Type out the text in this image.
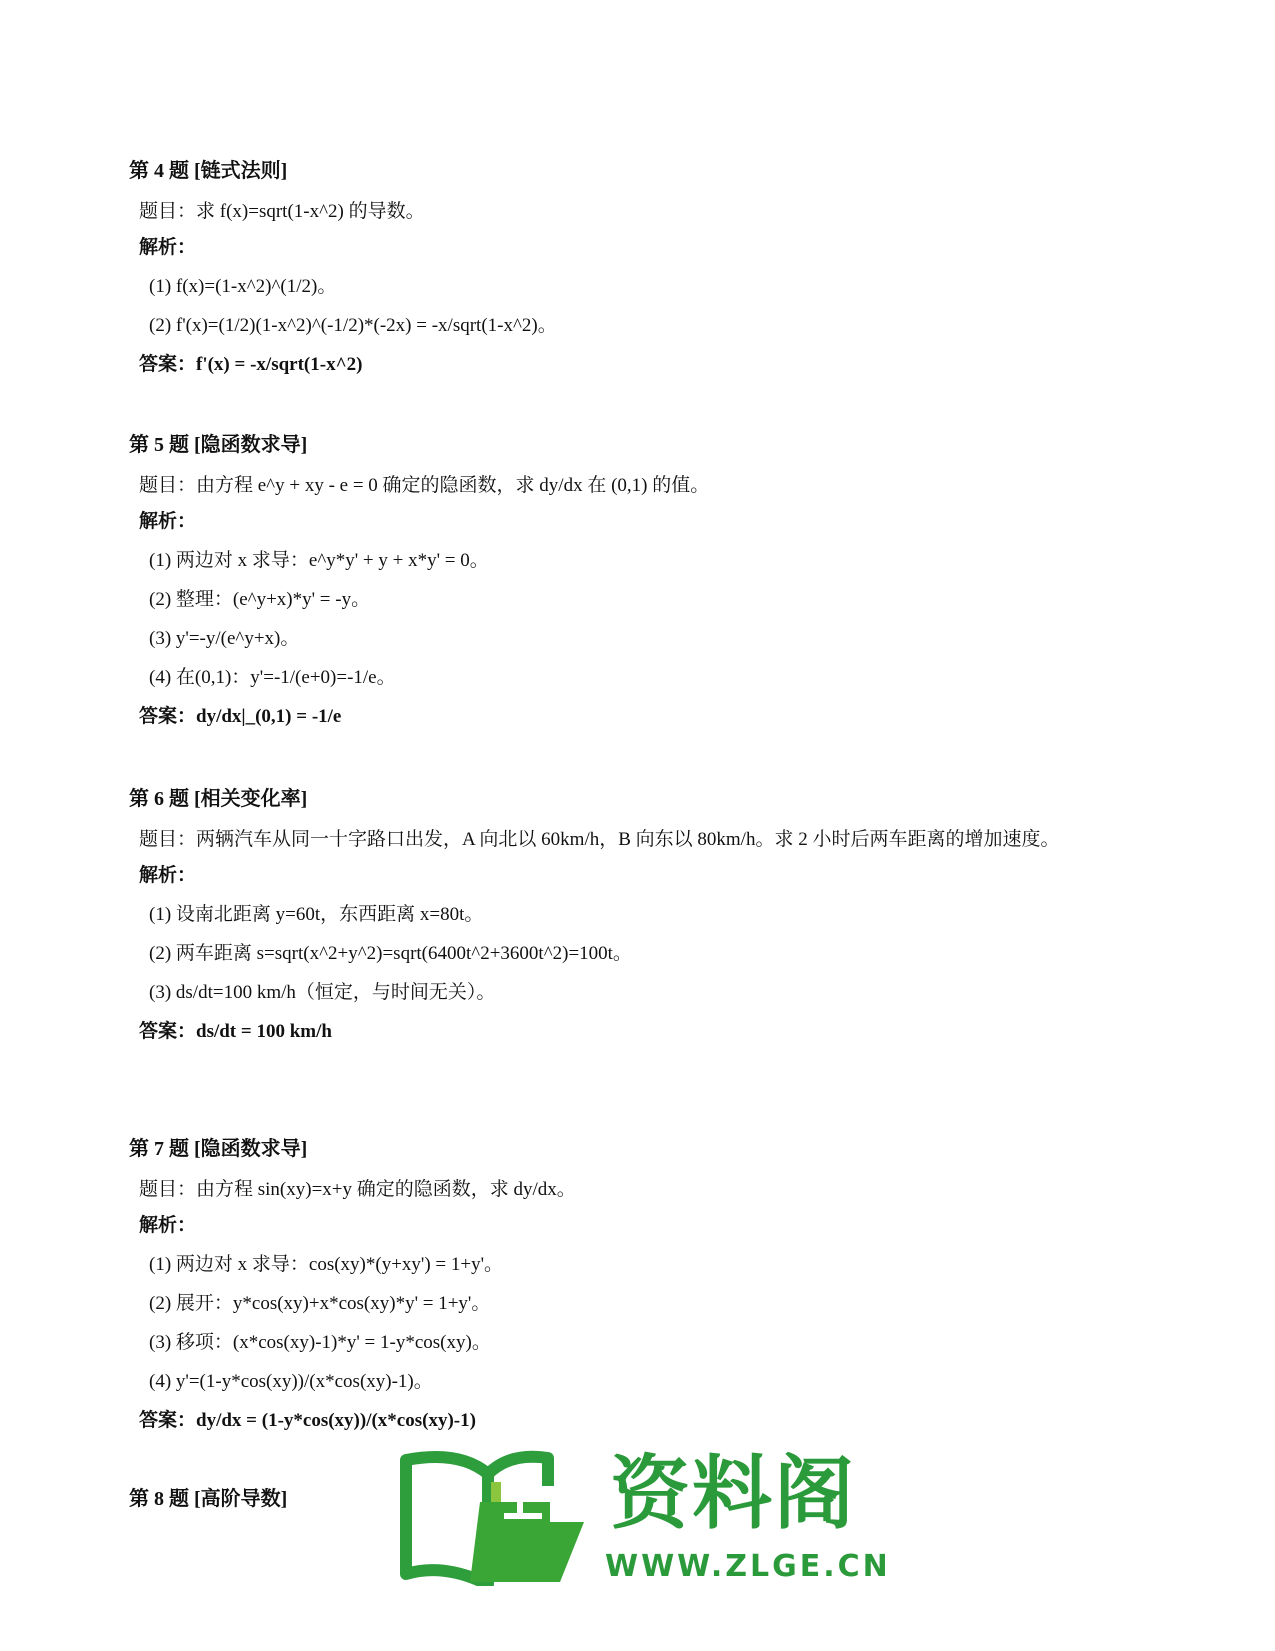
第 4 题 [链式法则]
题目：求 f(x)=sqrt(1-x^2) 的导数。
解析：
(1) f(x)=(1-x^2)^(1/2)。
(2) f'(x)=(1/2)(1-x^2)^(-1/2)*(-2x) = -x/sqrt(1-x^2)。
答案：f'(x) = -x/sqrt(1-x^2)
第 5 题 [隐函数求导]
题目：由方程 e^y + xy - e = 0 确定的隐函数，求 dy/dx 在 (0,1) 的值。
解析：
(1) 两边对 x 求导：e^y*y' + y + x*y' = 0。
(2) 整理：(e^y+x)*y' = -y。
(3) y'=-y/(e^y+x)。
(4) 在(0,1)：y'=-1/(e+0)=-1/e。
答案：dy/dx|_(0,1) = -1/e
第 6 题 [相关变化率]
题目：两辆汽车从同一十字路口出发，A 向北以 60km/h，B 向东以 80km/h。求 2 小时后两车距离的增加速度。
解析：
(1) 设南北距离 y=60t，东西距离 x=80t。
(2) 两车距离 s=sqrt(x^2+y^2)=sqrt(6400t^2+3600t^2)=100t。
(3) ds/dt=100 km/h（恒定，与时间无关）。
答案：ds/dt = 100 km/h
第 7 题 [隐函数求导]
题目：由方程 sin(xy)=x+y 确定的隐函数，求 dy/dx。
解析：
(1) 两边对 x 求导：cos(xy)*(y+xy') = 1+y'。
(2) 展开：y*cos(xy)+x*cos(xy)*y' = 1+y'。
(3) 移项：(x*cos(xy)-1)*y' = 1-y*cos(xy)。
(4) y'=(1-y*cos(xy))/(x*cos(xy)-1)。
答案：dy/dx = (1-y*cos(xy))/(x*cos(xy)-1)
第 8 题 [高阶导数]	资料阁
WWW.ZLGE.CN
